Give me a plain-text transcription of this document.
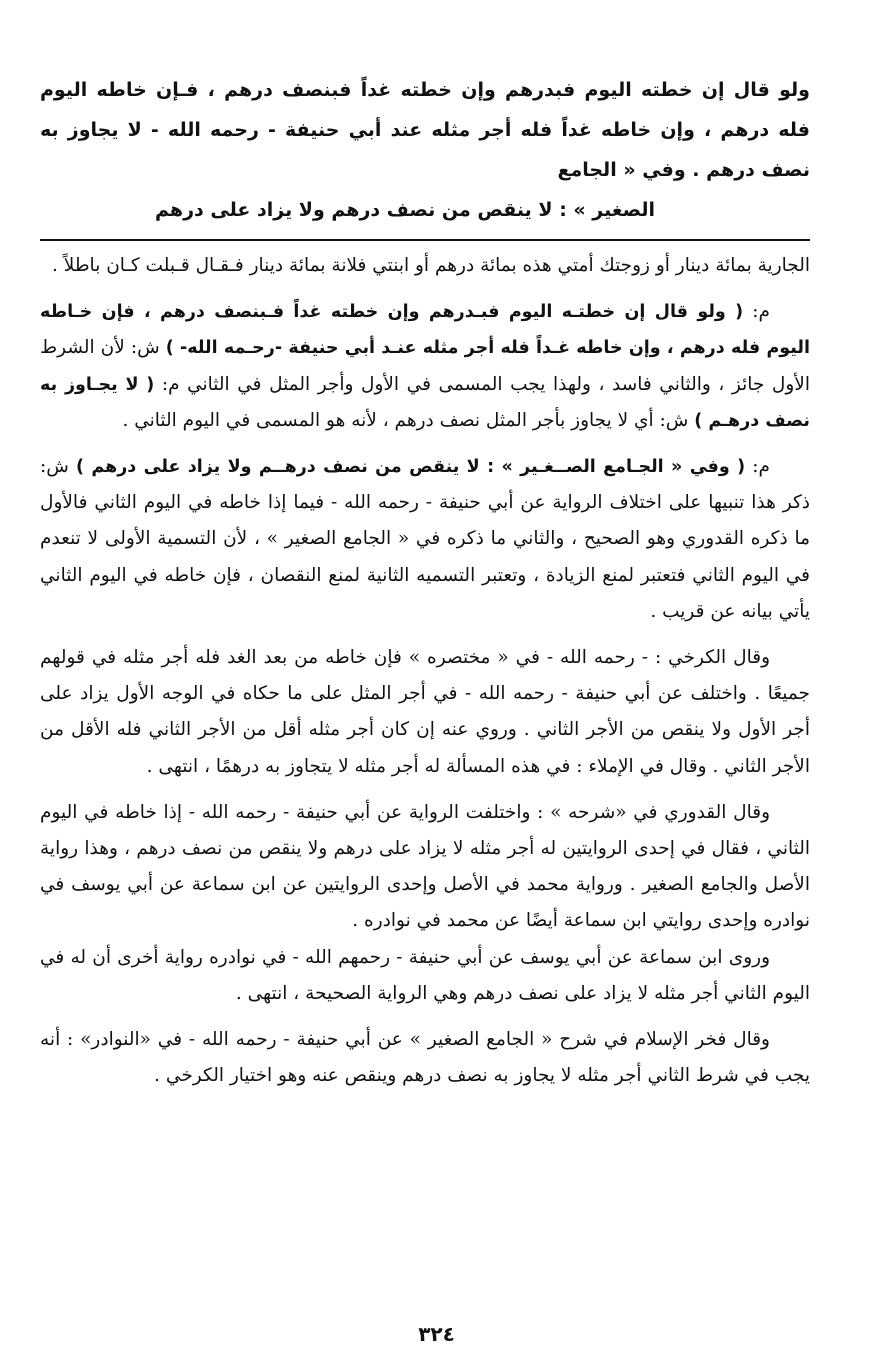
ولو قال إن خطته اليوم فبدرهم وإن خطته غداً فبنصف درهم ، فـإن خاطه اليوم فله درهم ، وإن خاطه غداً فله أجر مثله عند أبي حنيفة - رحمه الله - لا يجاوز به نصف درهم . وفي « الجامع
الصغير » : لا ينقص من نصف درهم ولا يزاد على درهم

الجارية بمائة دينار أو زوجتك أمتي هذه بمائة درهم أو ابنتي فلانة بمائة دينار فـقـال قـبلت كـان باطلاً .

م: ( ولو قال إن خطتـه اليوم فبـدرهم وإن خطته غداً فـبنصف درهم ، فإن خـاطه اليوم فله درهم ، وإن خاطه غـداً فله أجر مثله عنـد أبي حنيفة -رحـمه الله- ) ش: لأن الشرط الأول جائز ، والثاني فاسد ، ولهذا يجب المسمى في الأول وأجر المثل في الثاني م: ( لا يجـاوز به نصف درهـم ) ش: أي لا يجاوز بأجر المثل نصف درهم ، لأنه هو المسمى في اليوم الثاني .

م: ( وفي « الجـامع الصــغـير » : لا ينقص من نصف درهــم ولا يزاد على درهم ) ش: ذكر هذا تنبيها على اختلاف الرواية عن أبي حنيفة - رحمه الله - فيما إذا خاطه في اليوم الثاني فالأول ما ذكره القدوري وهو الصحيح ، والثاني ما ذكره في « الجامع الصغير » ، لأن التسمية الأولى لا تنعدم في اليوم الثاني فتعتبر لمنع الزيادة ، وتعتبر التسميه الثانية لمنع النقصان ، فإن خاطه في اليوم الثاني يأتي بيانه عن قريب .

وقال الكرخي : - رحمه الله - في « مختصره » فإن خاطه من بعد الغد فله أجر مثله في قولهم جميعًا . واختلف عن أبي حنيفة - رحمه الله - في أجر المثل على ما حكاه في الوجه الأول يزاد على أجر الأول ولا ينقص من الأجر الثاني . وروي عنه إن كان أجر مثله أقل من الأجر الثاني فله الأقل من الأجر الثاني . وقال في الإملاء : في هذه المسألة له أجر مثله لا يتجاوز به درهمًا ، انتهى .

وقال القدوري في «شرحه » : واختلفت الرواية عن أبي حنيفة - رحمه الله - إذا خاطه في اليوم الثاني ، فقال في إحدى الروايتين له أجر مثله لا يزاد على درهم ولا ينقص من نصف درهم ، وهذا رواية الأصل والجامع الصغير . ورواية محمد في الأصل وإحدى الروايتين عن ابن سماعة عن أبي يوسف في نوادره وإحدى روايتي ابن سماعة أيضًا عن محمد في نوادره .

وروى ابن سماعة عن أبي يوسف عن أبي حنيفة - رحمهم الله - في نوادره رواية أخرى أن له في اليوم الثاني أجر مثله لا يزاد على نصف درهم وهي الرواية الصحيحة ، انتهى .

وقال فخر الإسلام في شرح « الجامع الصغير » عن أبي حنيفة - رحمه الله - في «النوادر» : أنه يجب في شرط الثاني أجر مثله لا يجاوز به نصف درهم وينقص عنه وهو اختيار الكرخي .

٣٢٤
